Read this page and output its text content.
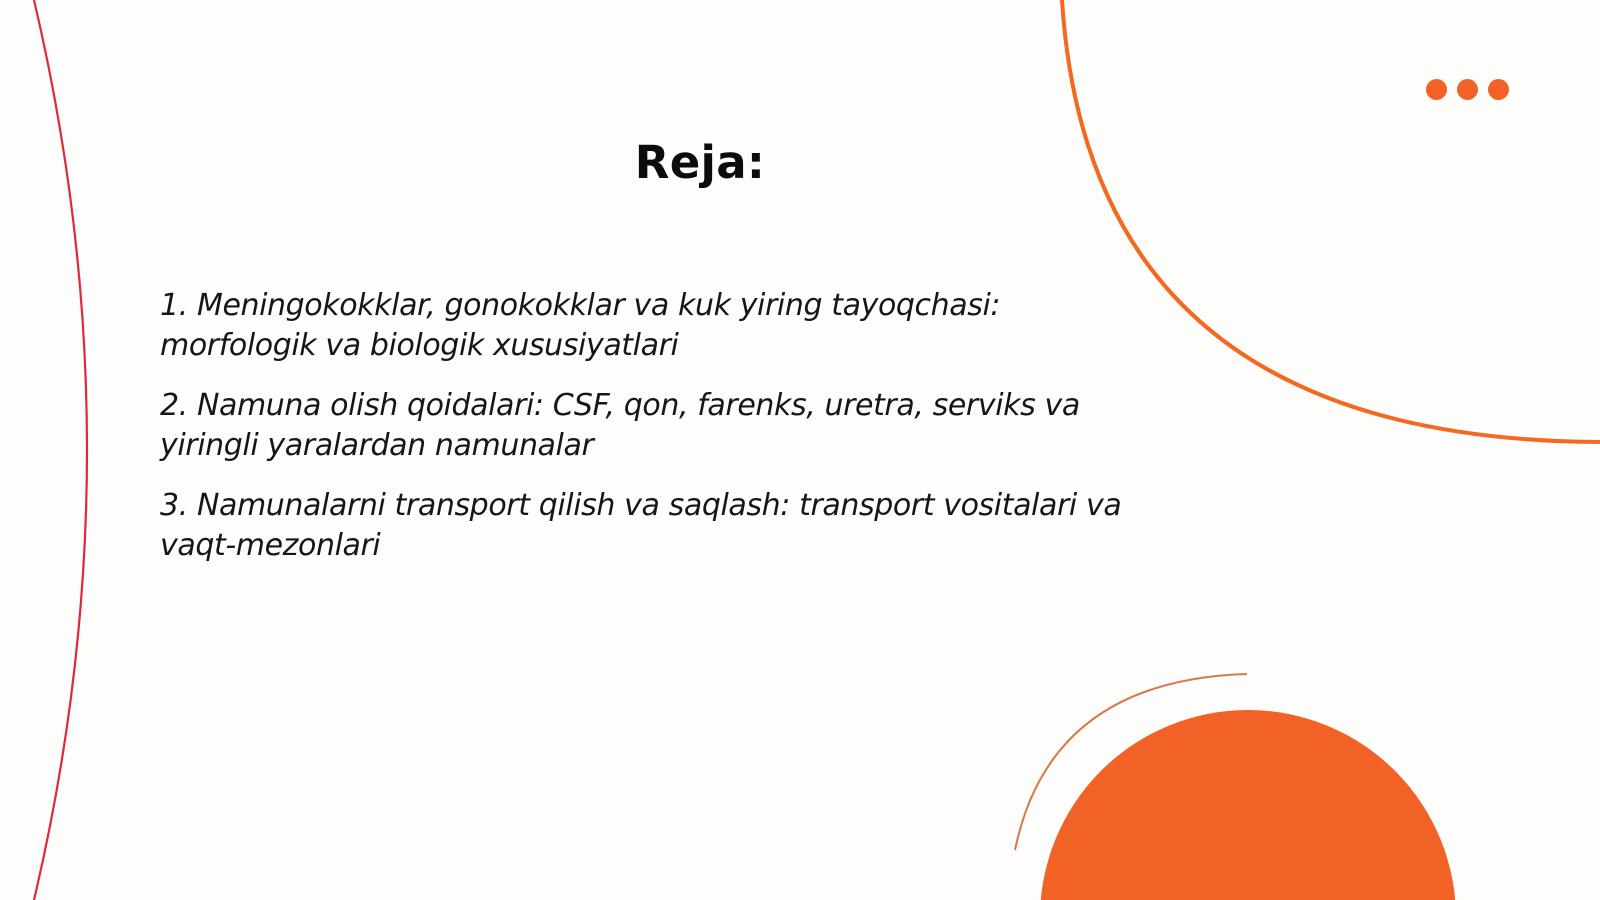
Reja:
1. Meningokokklar, gonokokklar va kuk yiring tayoqchasi: morfologik va biologik xususiyatlari
2. Namuna olish qoidalari: CSF, qon, farenks, uretra, serviks va yiringli yaralardan namunalar
3. Namunalarni transport qilish va saqlash: transport vositalari va vaqt-mezonlari
